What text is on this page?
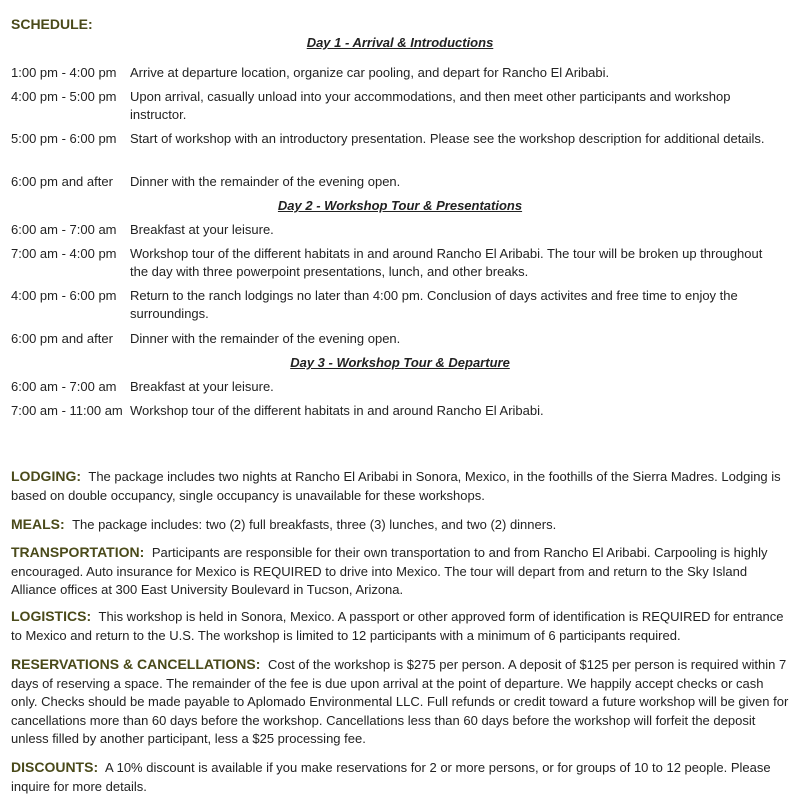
SCHEDULE:
Day 1 - Arrival & Introductions
1:00 pm - 4:00 pm Arrive at departure location, organize car pooling, and depart for Rancho El Aribabi.
4:00 pm - 5:00 pm Upon arrival, casually unload into your accommodations, and then meet other participants and workshop instructor.
5:00 pm - 6:00 pm Start of workshop with an introductory presentation. Please see the workshop description for additional details.
6:00 pm and after Dinner with the remainder of the evening open.
Day 2 - Workshop Tour & Presentations
6:00 am - 7:00 am Breakfast at your leisure.
7:00 am - 4:00 pm Workshop tour of the different habitats in and around Rancho El Aribabi. The tour will be broken up throughout the day with three powerpoint presentations, lunch, and other breaks.
4:00 pm - 6:00 pm Return to the ranch lodgings no later than 4:00 pm. Conclusion of days activites and free time to enjoy the surroundings.
6:00 pm and after Dinner with the remainder of the evening open.
Day 3 - Workshop Tour & Departure
6:00 am - 7:00 am Breakfast at your leisure.
7:00 am - 11:00 am Workshop tour of the different habitats in and around Rancho El Aribabi.
LODGING: The package includes two nights at Rancho El Aribabi in Sonora, Mexico, in the foothills of the Sierra Madres. Lodging is based on double occupancy, single occupancy is unavailable for these workshops.
MEALS: The package includes: two (2) full breakfasts, three (3) lunches, and two (2) dinners.
TRANSPORTATION: Participants are responsible for their own transportation to and from Rancho El Aribabi. Carpooling is highly encouraged. Auto insurance for Mexico is REQUIRED to drive into Mexico. The tour will depart from and return to the Sky Island Alliance offices at 300 East University Boulevard in Tucson, Arizona.
LOGISTICS: This workshop is held in Sonora, Mexico. A passport or other approved form of identification is REQUIRED for entrance to Mexico and return to the U.S. The workshop is limited to 12 participants with a minimum of 6 participants required.
RESERVATIONS & CANCELLATIONS: Cost of the workshop is $275 per person. A deposit of $125 per person is required within 7 days of reserving a space. The remainder of the fee is due upon arrival at the point of departure. We happily accept checks or cash only. Checks should be made payable to Aplomado Environmental LLC. Full refunds or credit toward a future workshop will be given for cancellations more than 60 days before the workshop. Cancellations less than 60 days before the workshop will forfeit the deposit unless filled by another participant, less a $25 processing fee.
DISCOUNTS: A 10% discount is available if you make reservations for 2 or more persons, or for groups of 10 to 12 people. Please inquire for more details.
